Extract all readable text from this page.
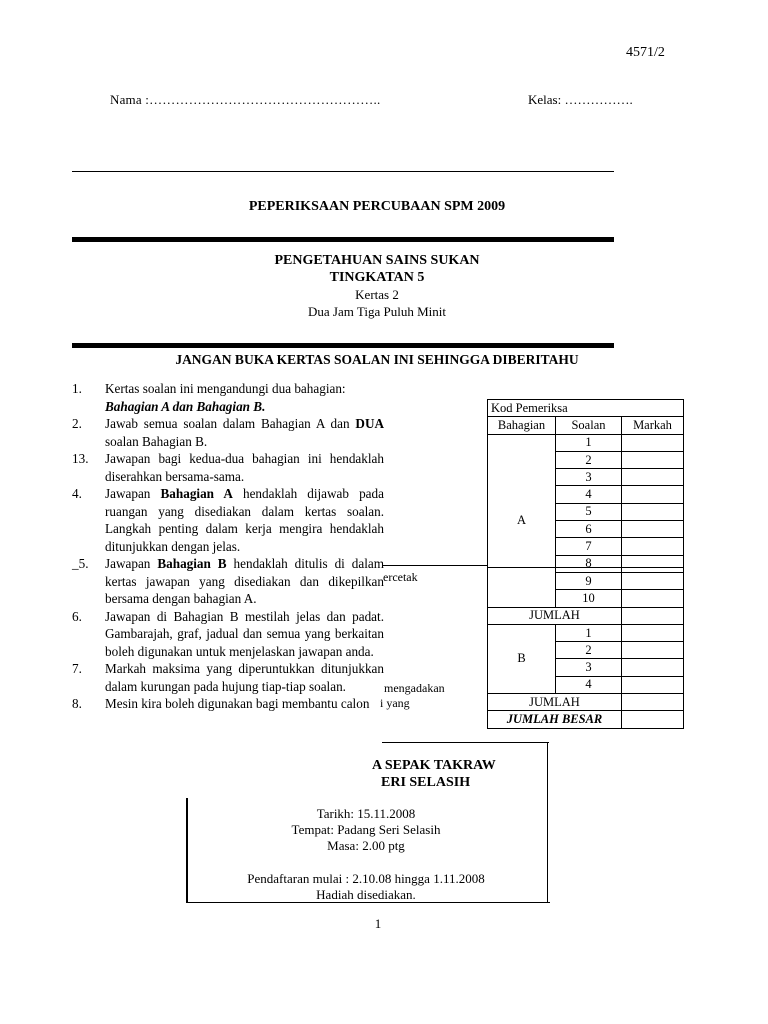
4571/2
Nama :……………………………………………..	Kelas: …………….
PEPERIKSAAN PERCUBAAN SPM 2009
PENGETAHUAN SAINS SUKAN
TINGKATAN 5
Kertas 2
Dua Jam Tiga Puluh Minit
JANGAN BUKA KERTAS SOALAN INI SEHINGGA DIBERITAHU
1.	Kertas soalan ini mengandungi dua bahagian:
Bahagian A dan Bahagian B.
2.	Jawab semua soalan dalam Bahagian A dan DUA soalan Bahagian B.
13.	Jawapan bagi kedua-dua bahagian ini hendaklah diserahkan bersama-sama.
4.	Jawapan Bahagian A hendaklah dijawab pada ruangan yang disediakan dalam kertas soalan. Langkah penting dalam kerja mengira hendaklah ditunjukkan dengan jelas.
_5.	Jawapan Bahagian B hendaklah ditulis di dalam kertas jawapan yang disediakan dan dikepilkan bersama dengan bahagian A.
6.	Jawapan di Bahagian B mestilah jelas dan padat. Gambarajah, graf, jadual dan semua yang berkaitan boleh digunakan untuk menjelaskan jawapan anda.
7.	Markah maksima yang diperuntukkan ditunjukkan dalam kurungan pada hujung tiap-tiap soalan.
8.	Mesin kira boleh digunakan bagi membantu calon
Kod Pemeriksa		
Bahagian	Soalan	Markah
A	1	
	2	
	3	
	4	
	5	
	6	
	7	
	8	
	9	
	10	
JUMLAH		
B	1	
	2	
	3	
	4	
JUMLAH		
JUMLAH BESAR		
ercetak
mengadakan
i yang
A SEPAK TAKRAW
ERI SELASIH
Tarikh: 15.11.2008
Tempat: Padang Seri Selasih
Masa: 2.00 ptg
Pendaftaran mulai : 2.10.08 hingga 1.11.2008
Hadiah disediakan.
1
